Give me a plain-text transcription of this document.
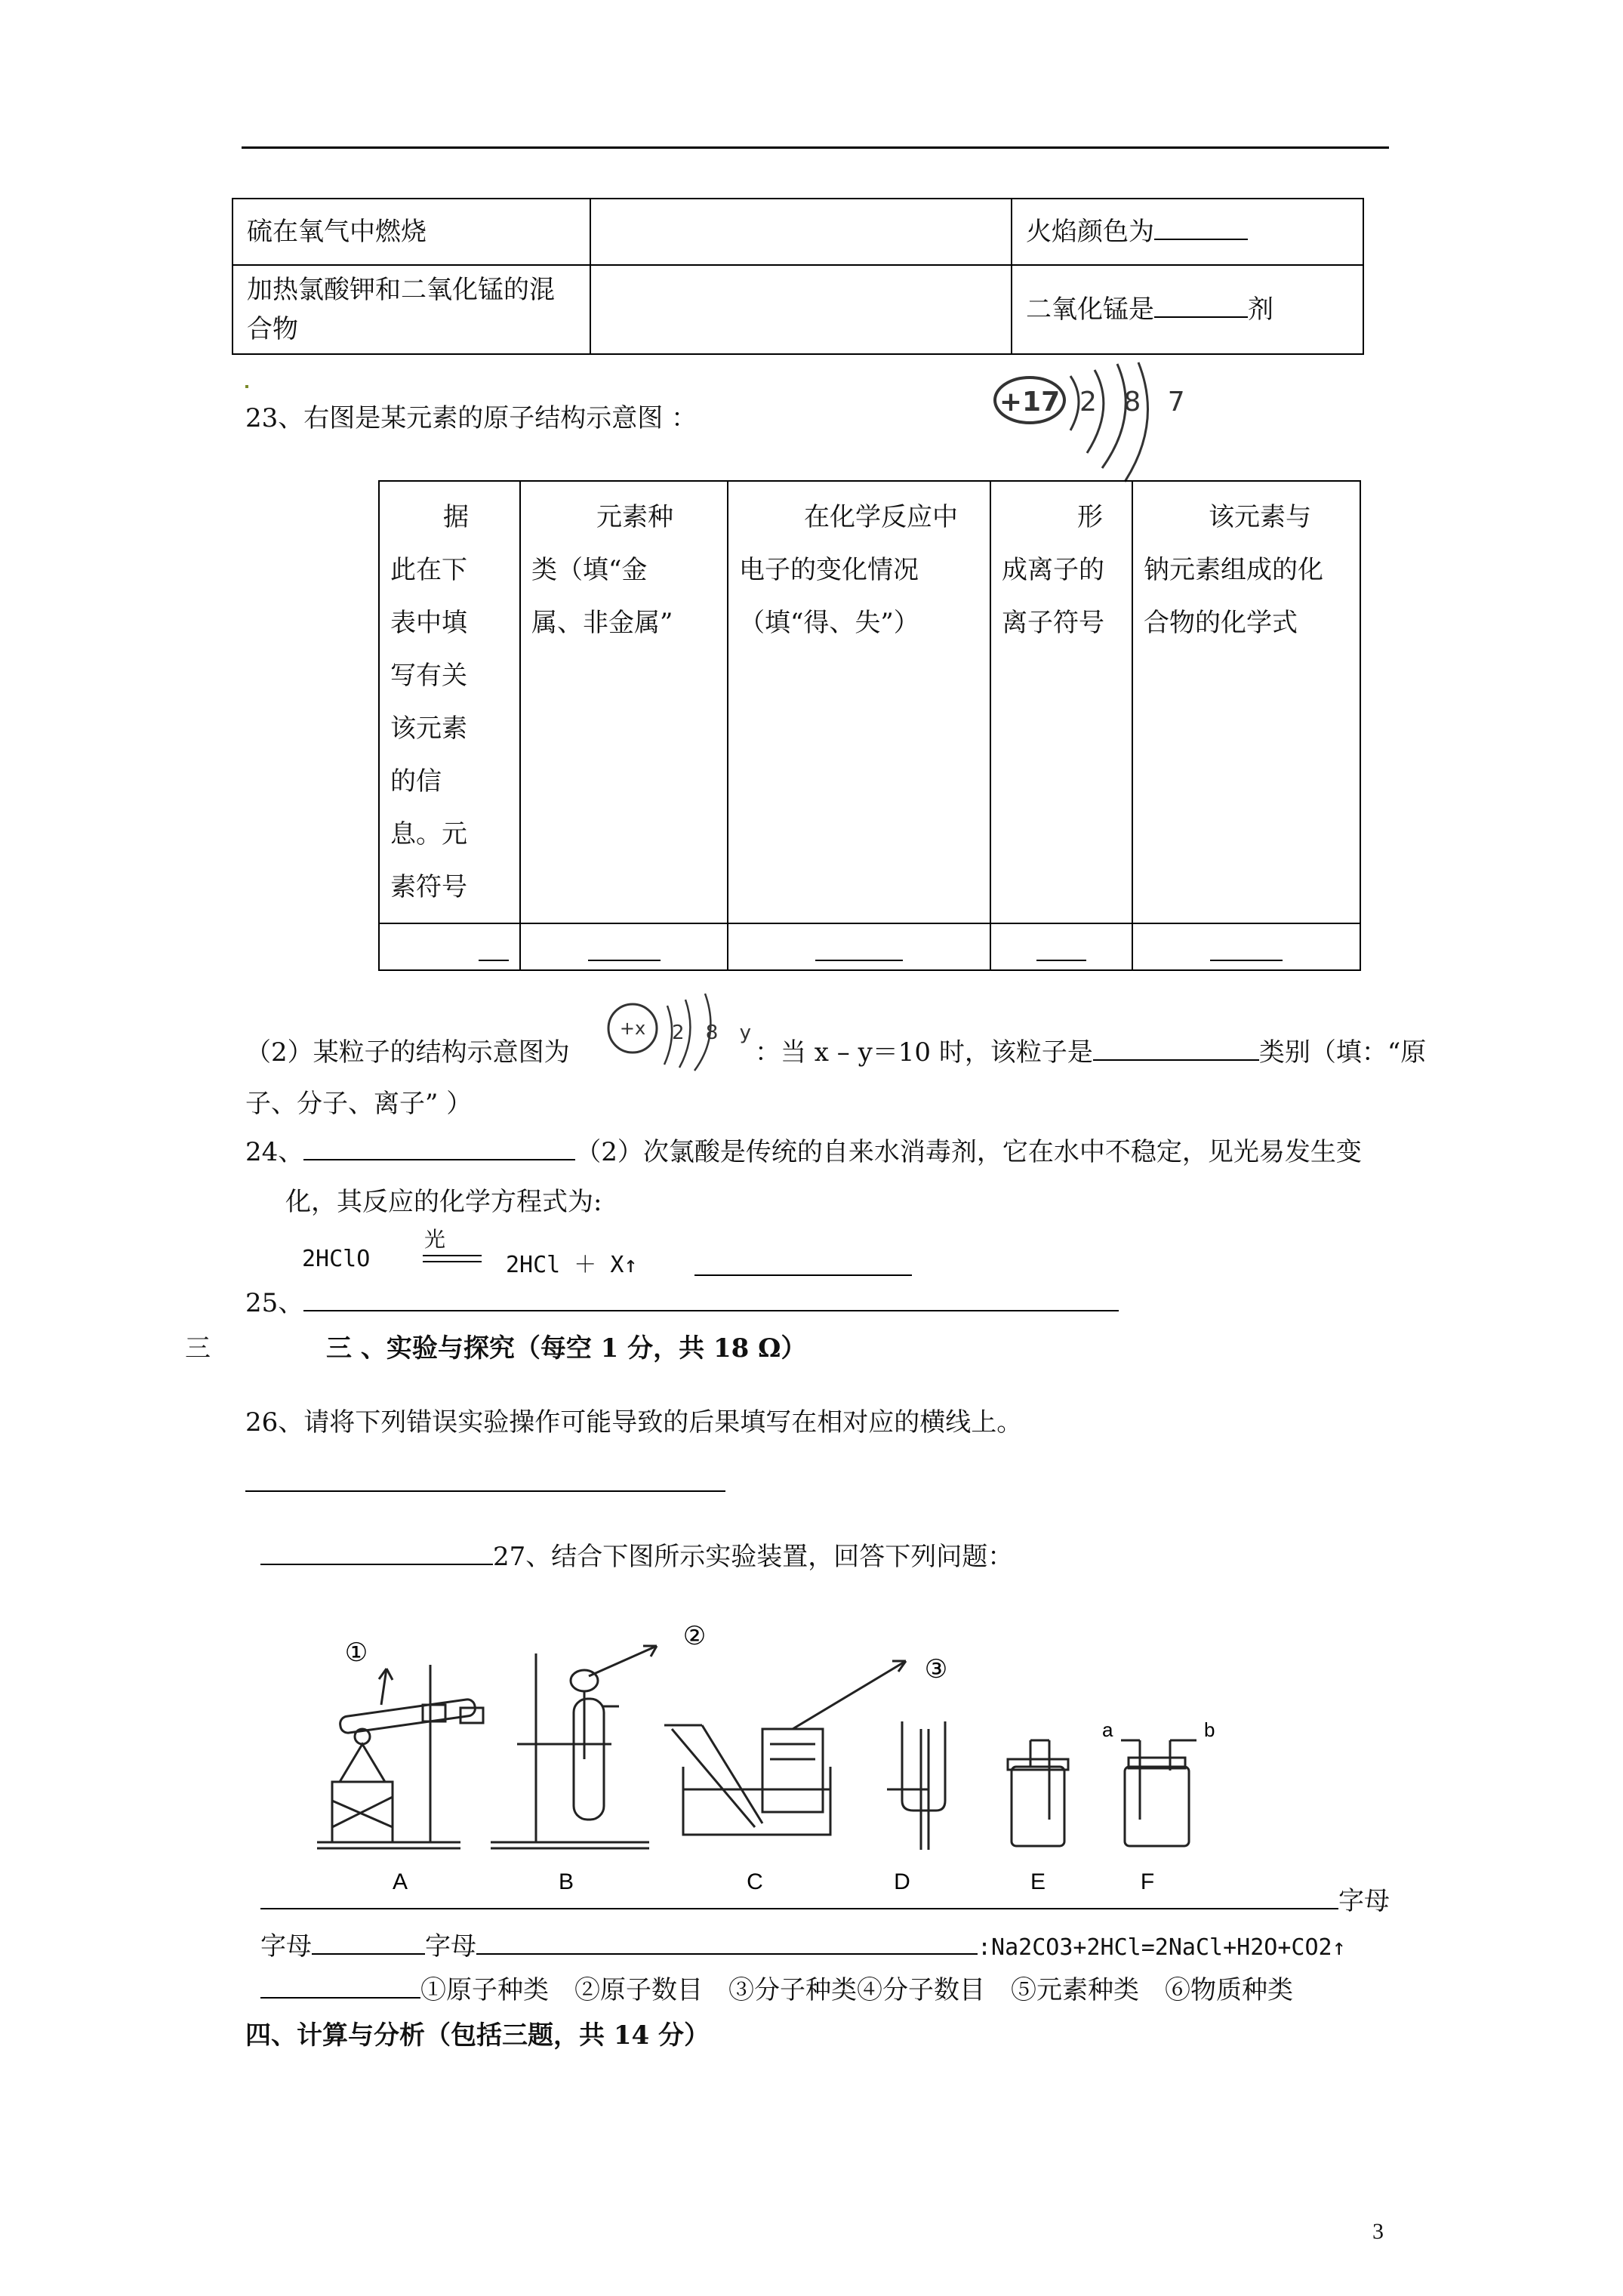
硫在氧气中燃烧		火焰颜色为
加热氯酸钾和二氧化锰的混合物		二氧化锰是 剂
23、右图是某元素的原子结构示意图 ：
+17 2 8 7
据此在下表中填写有关该元素的信息。元素符号	元素种类（填“金属、非金属”	在化学反应中电子的变化情况（填“得、失”）	形成离子的离子符号	该元素与钠元素组成的化合物的化学式

+x 2 8 y
（2）某粒子的结构示意图为	：当 x – y＝10 时，该粒子是	类别（填：“原
子、分子、离子” ）
24、	（2）次氯酸是传统的自来水消毒剂，它在水中不稳定，见光易发生变
化，其反应的化学方程式为:
2HClO
光
2HCl ＋ X↑
25、
三	三 、实验与探究（每空 1 分，共 18 Ω）
26、请将下列错误实验操作可能导致的后果填写在相对应的横线上。
27、结合下图所示实验装置，回答下列问题：
①
②
③
a	b
A	B	C	D	E	F
字母
字母	字母	:Na2CO3+2HCl=2NaCl+H2O+CO2↑
①原子种类　②原子数目　③分子种类④分子数目　⑤元素种类　⑥物质种类
四、计算与分析（包括三题，共 14 分）
3
